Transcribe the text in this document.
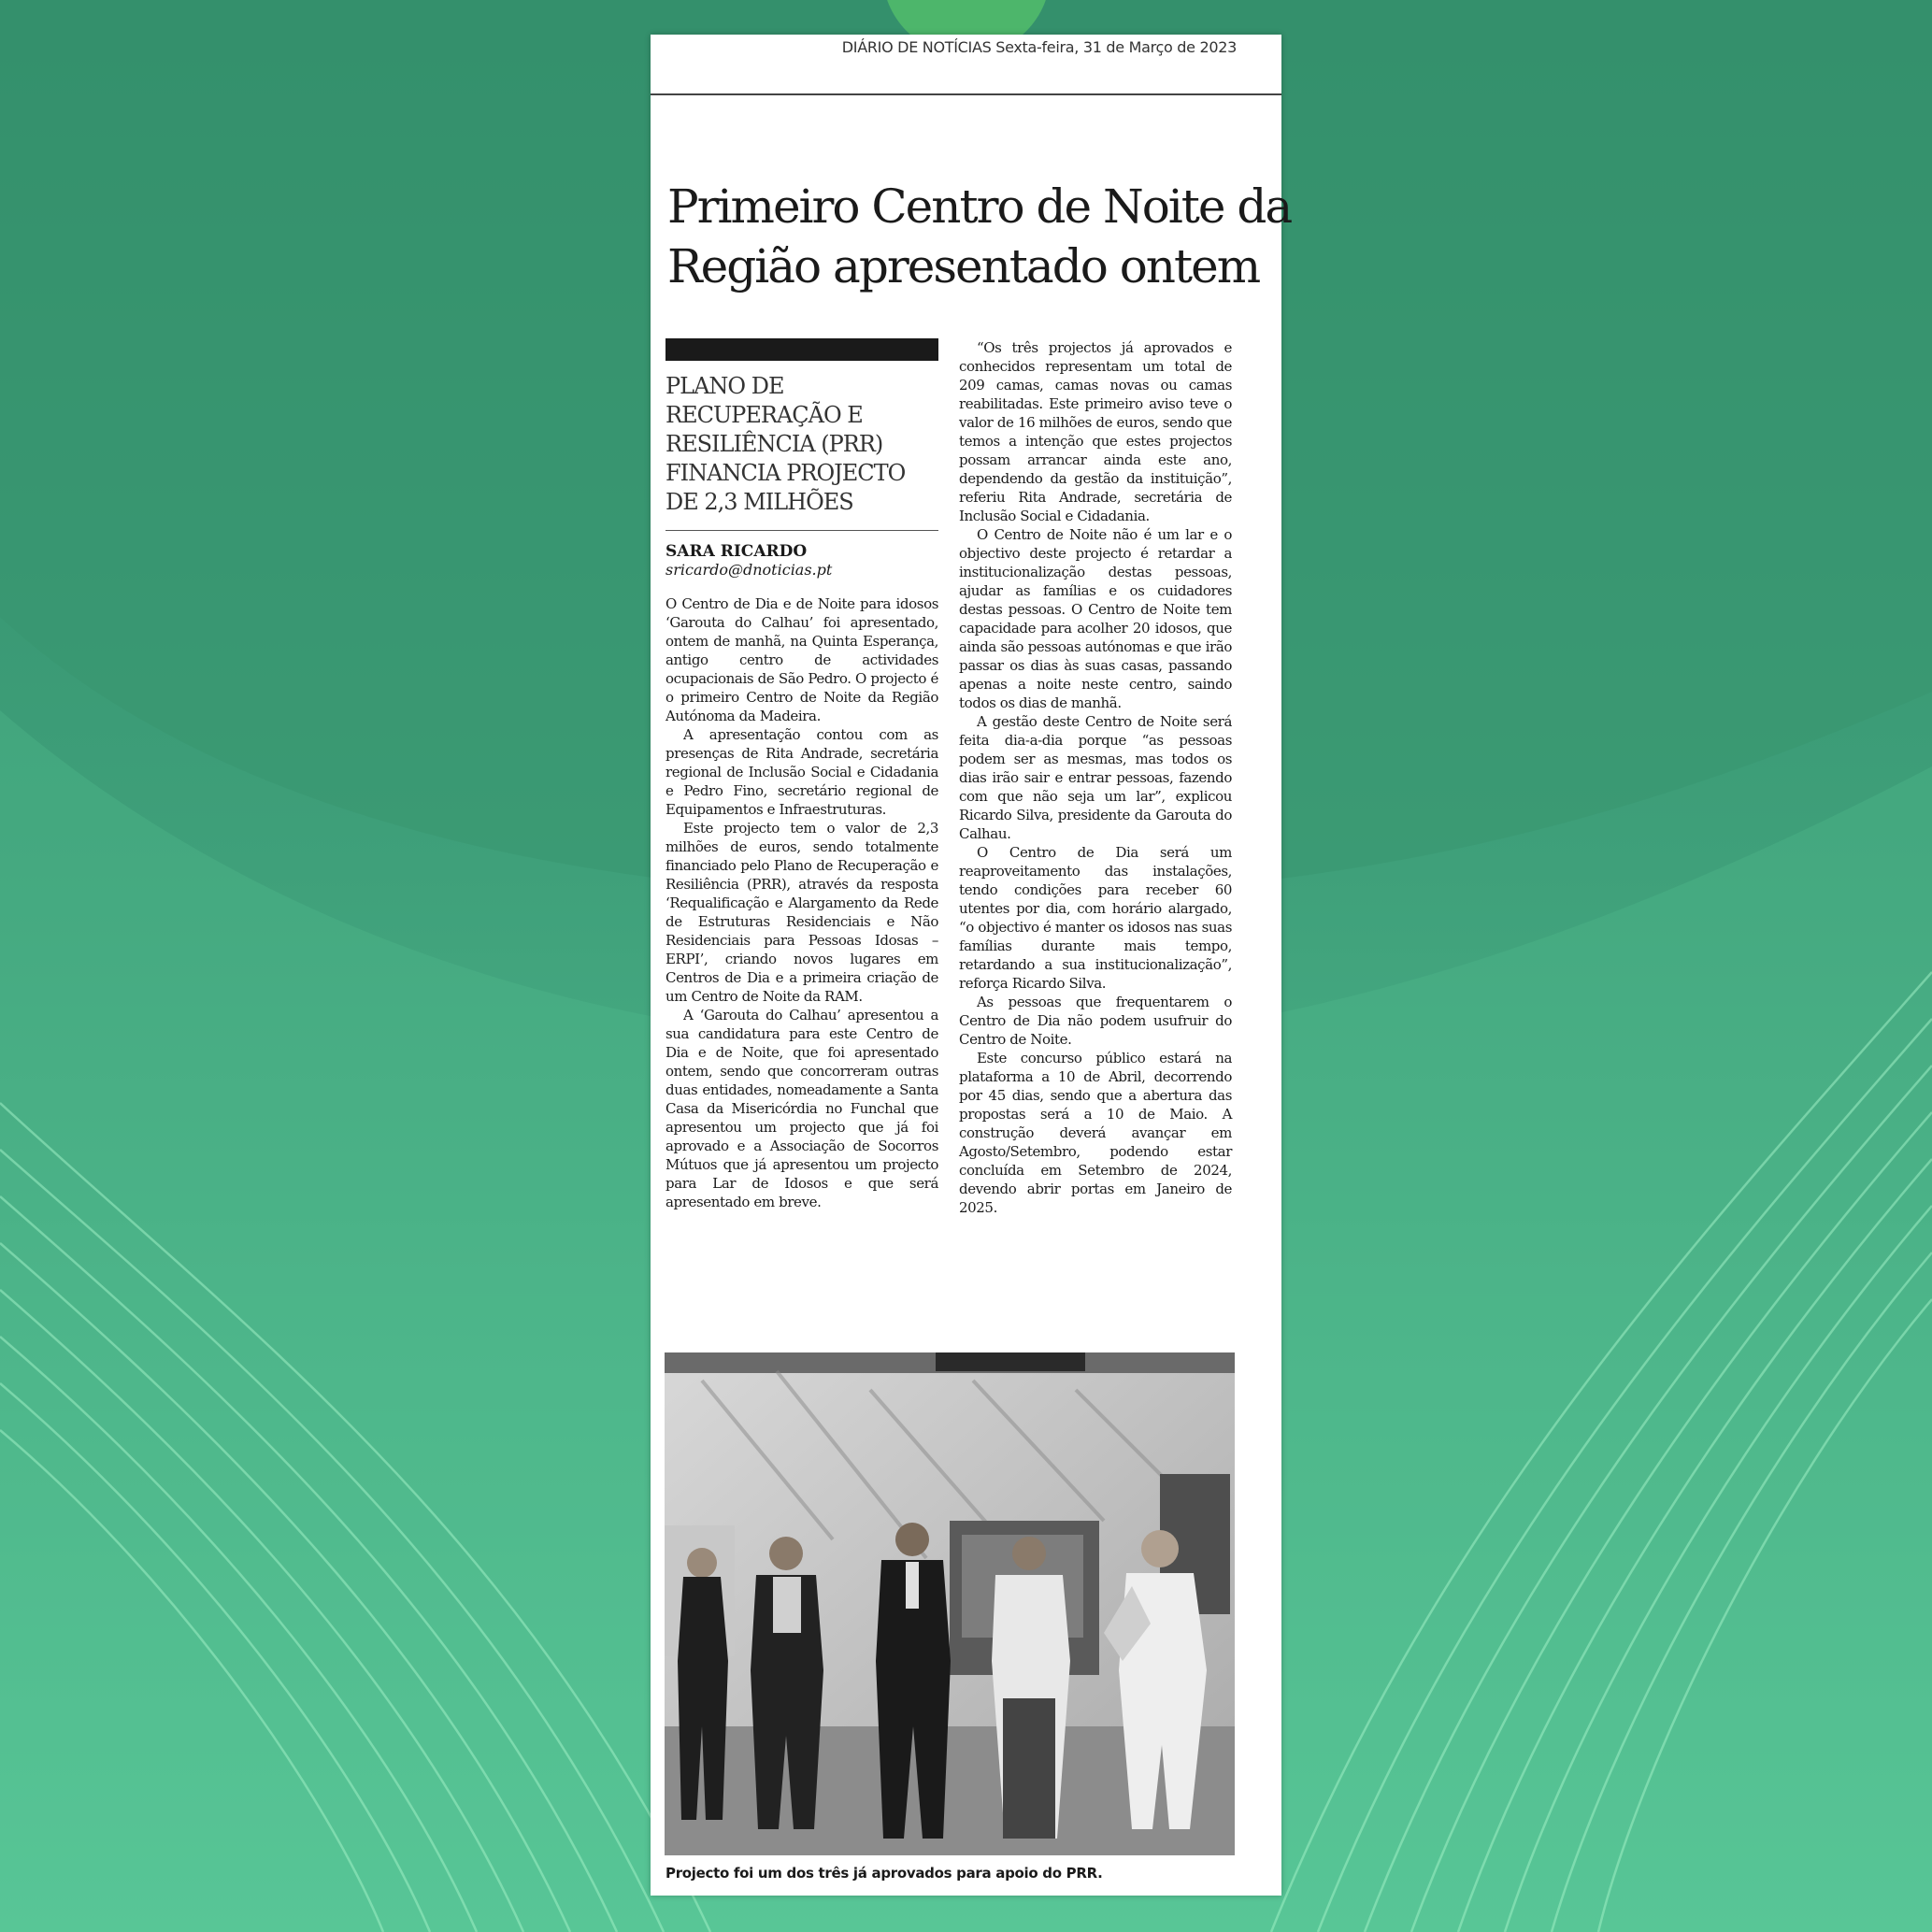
DIÁRIO DE NOTÍCIAS Sexta-feira, 31 de Março de 2023

Primeiro Centro de Noite da
Região apresentado ontem
PLANO DE RECUPERAÇÃO E RESILIÊNCIA (PRR) FINANCIA PROJECTO DE 2,3 MILHÕES
SARA RICARDO
sricardo@dnoticias.pt

O Centro de Dia e de Noite para idosos ‘Garouta do Calhau’ foi apresentado, ontem de manhã, na Quinta Esperança, antigo centro de actividades ocupacionais de São Pedro. O projecto é o primeiro Centro de Noite da Região Autónoma da Madeira.

A apresentação contou com as presenças de Rita Andrade, secretária regional de Inclusão Social e Cidadania e Pedro Fino, secretário regional de Equipamentos e Infraestruturas.

Este projecto tem o valor de 2,3 milhões de euros, sendo totalmente financiado pelo Plano de Recuperação e Resiliência (PRR), através da resposta ‘Requalificação e Alargamento da Rede de Estruturas Residenciais e Não Residenciais para Pessoas Idosas – ERPI’, criando novos lugares em Centros de Dia e a primeira criação de um Centro de Noite da RAM.

A ‘Garouta do Calhau’ apresentou a sua candidatura para este Centro de Dia e de Noite, que foi apresentado ontem, sendo que concorreram outras duas entidades, nomeadamente a Santa Casa da Misericórdia no Funchal que apresentou um projecto que já foi aprovado e a Associação de Socorros Mútuos que já apresentou um projecto para Lar de Idosos e que será apresentado em breve.

“Os três projectos já aprovados e conhecidos representam um total de 209 camas, camas novas ou camas reabilitadas. Este primeiro aviso teve o valor de 16 milhões de euros, sendo que temos a intenção que estes projectos possam arrancar ainda este ano, dependendo da gestão da instituição”, referiu Rita Andrade, secretária de Inclusão Social e Cidadania.

O Centro de Noite não é um lar e o objectivo deste projecto é retardar a institucionalização destas pessoas, ajudar as famílias e os cuidadores destas pessoas. O Centro de Noite tem capacidade para acolher 20 idosos, que ainda são pessoas autónomas e que irão passar os dias às suas casas, passando apenas a noite neste centro, saindo todos os dias de manhã.

A gestão deste Centro de Noite será feita dia-a-dia porque “as pessoas podem ser as mesmas, mas todos os dias irão sair e entrar pessoas, fazendo com que não seja um lar”, explicou Ricardo Silva, presidente da Garouta do Calhau.

O Centro de Dia será um reaproveitamento das instalações, tendo condições para receber 60 utentes por dia, com horário alargado, “o objectivo é manter os idosos nas suas famílias durante mais tempo, retardando a sua institucionalização”, reforça Ricardo Silva.

As pessoas que frequentarem o Centro de Dia não podem usufruir do Centro de Noite.

Este concurso público estará na plataforma a 10 de Abril, decorrendo por 45 dias, sendo que a abertura das propostas será a 10 de Maio. A construção deverá avançar em Agosto/Setembro, podendo estar concluída em Setembro de 2024, devendo abrir portas em Janeiro de 2025.

Projecto foi um dos três já aprovados para apoio do PRR.
